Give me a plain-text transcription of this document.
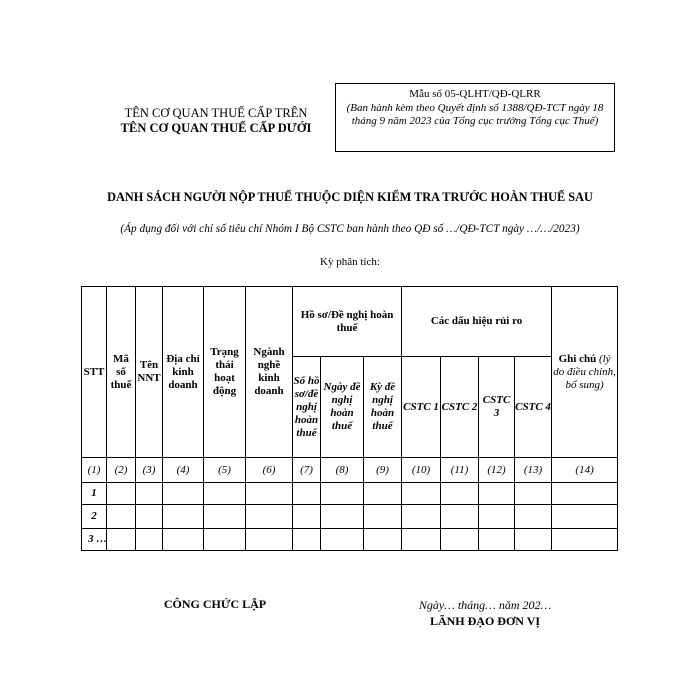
TÊN CƠ QUAN THUẾ CẤP TRÊN
TÊN CƠ QUAN THUẾ CẤP DƯỚI
Mẫu số 05-QLHT/QĐ-QLRR
(Ban hành kèm theo Quyết định số 1388/QĐ-TCT ngày 18 tháng 9 năm 2023 của Tổng cục trưởng Tổng cục Thuế)
DANH SÁCH NGƯỜI NỘP THUẾ THUỘC DIỆN KIỂM TRA TRƯỚC HOÀN THUẾ SAU
(Áp dụng đối với chỉ số tiêu chí Nhóm I Bộ CSTC ban hành theo QĐ số …/QĐ-TCT ngày …/…/2023)
Kỳ phân tích:
STT	Mã số thuế	Tên NNT	Địa chỉ kinh doanh	Trạng thái hoạt động	Ngành nghề kinh doanh	Hồ sơ/Đề nghị hoàn thuế			Các dấu hiệu rủi ro				Ghi chú (lý do điều chỉnh, bổ sung)
						Số hồ sơ/đề nghị hoàn thuế	Ngày đề nghị hoàn thuế	Kỳ đề nghị hoàn thuế	CSTC 1	CSTC 2	CSTC 3	CSTC 4	
(1)	(2)	(3)	(4)	(5)	(6)	(7)	(8)	(9)	(10)	(11)	(12)	(13)	(14)
1													
2													
3 …													
CÔNG CHỨC LẬP	Ngày… tháng… năm 202…
LÃNH ĐẠO ĐƠN VỊ
